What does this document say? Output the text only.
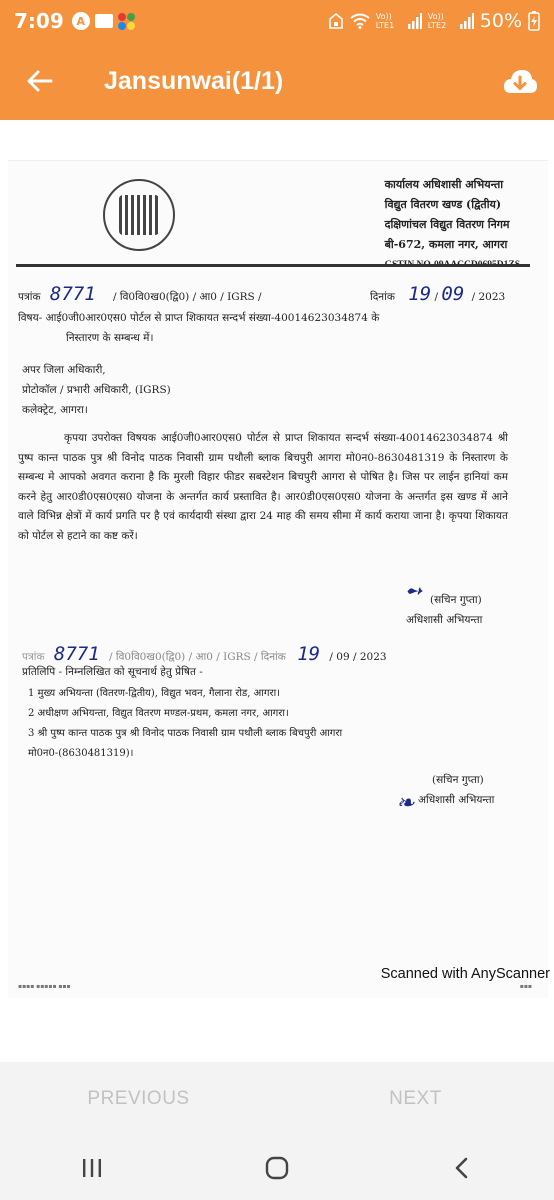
7:09	A	Vo)) LTE1
Vo)) LTE2	50%
Jansunwai(1/1)
कार्यालय अधिशासी अभियन्ता
विद्युत वितरण खण्ड (द्वितीय)
दक्षिणांचल विद्युत वितरण निगम
बी-672, कमला नगर, आगरा
GSTIN NO-09AACCD0695D1ZS
पत्रांक 8771 / वि0वि0ख0(द्वि0) / आ0 / IGRS /	दिनांक 19 / 09 / 2023
विषय- आई0जी0आर0एस0 पोर्टल से प्राप्त शिकायत सन्दर्भ संख्या-40014623034874 के
निस्तारण के सम्बन्ध में।
अपर जिला अधिकारी,
प्रोटोकॉल / प्रभारी अधिकारी, (IGRS)
कलेक्ट्रेट, आगरा।
कृपया उपरोक्त विषयक आई0जी0आर0एस0 पोर्टल से प्राप्त शिकायत सन्दर्भ संख्या-40014623034874 श्री पुष्प कान्त पाठक पुत्र श्री विनोद पाठक निवासी ग्राम पथौली ब्लाक बिचपुरी आगरा मो0न0-8630481319 के निस्तारण के सम्बन्ध मे आपको अवगत कराना है कि मुरली विहार फीडर सबस्टेशन बिचपुरी आगरा से पोषित है। जिस पर लाईन हानियां कम करने हेतु आर0डी0एस0एस0 योजना के अन्तर्गत कार्य प्रस्तावित है। आर0डी0एस0एस0 योजना के अन्तर्गत इस खण्ड में आने वाले विभिन्न क्षेत्रों में कार्य प्रगति पर है एवं कार्यदायी संस्था द्वारा 24 माह की समय सीमा में कार्य कराया जाना है। कृपया शिकायत को पोर्टल से हटाने का कष्ट करें।
➻ (सचिन गुप्ता)
अधिशासी अभियन्ता
पत्रांक 8771 / वि0वि0ख0(द्वि0) / आ0 / IGRS / दिनांक 19 / 09 / 2023
प्रतिलिपि - निम्नलिखित को सूचनार्थ हेतु प्रेषित -
1 मुख्य अभियन्ता (वितरण-द्वितीय), विद्युत भवन, गैलाना रोड, आगरा।
2 अधीक्षण अभियन्ता, विद्युत वितरण मण्डल-प्रथम, कमला नगर, आगरा।
3 श्री पुष्प कान्त पाठक पुत्र श्री विनोद पाठक निवासी ग्राम पथौली ब्लाक बिचपुरी आगरा
मो0न0-(8630481319)।
(सचिन गुप्ता)
❧ अधिशासी अभियन्ता
▪▪▪▪ ▪▪▪▪▪ ▪▪▪	▪▪▪
Scanned with AnyScanner
PREVIOUS	NEXT
